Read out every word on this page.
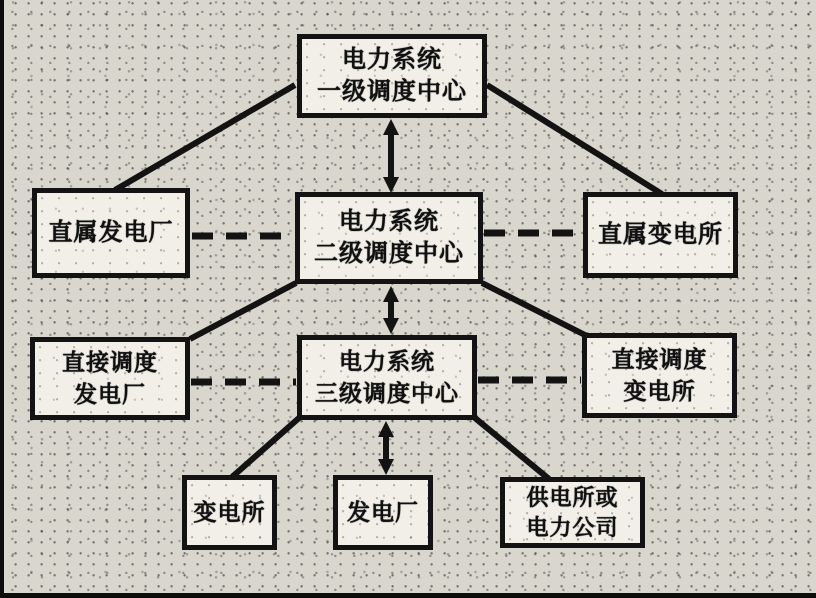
电力系统
一级调度中心
电力系统
二级调度中心
电力系统
三级调度中心
直属发电厂	直属变电所
直接调度
发电厂
直接调度
变电所
变电所	发电厂
供电所或
电力公司
